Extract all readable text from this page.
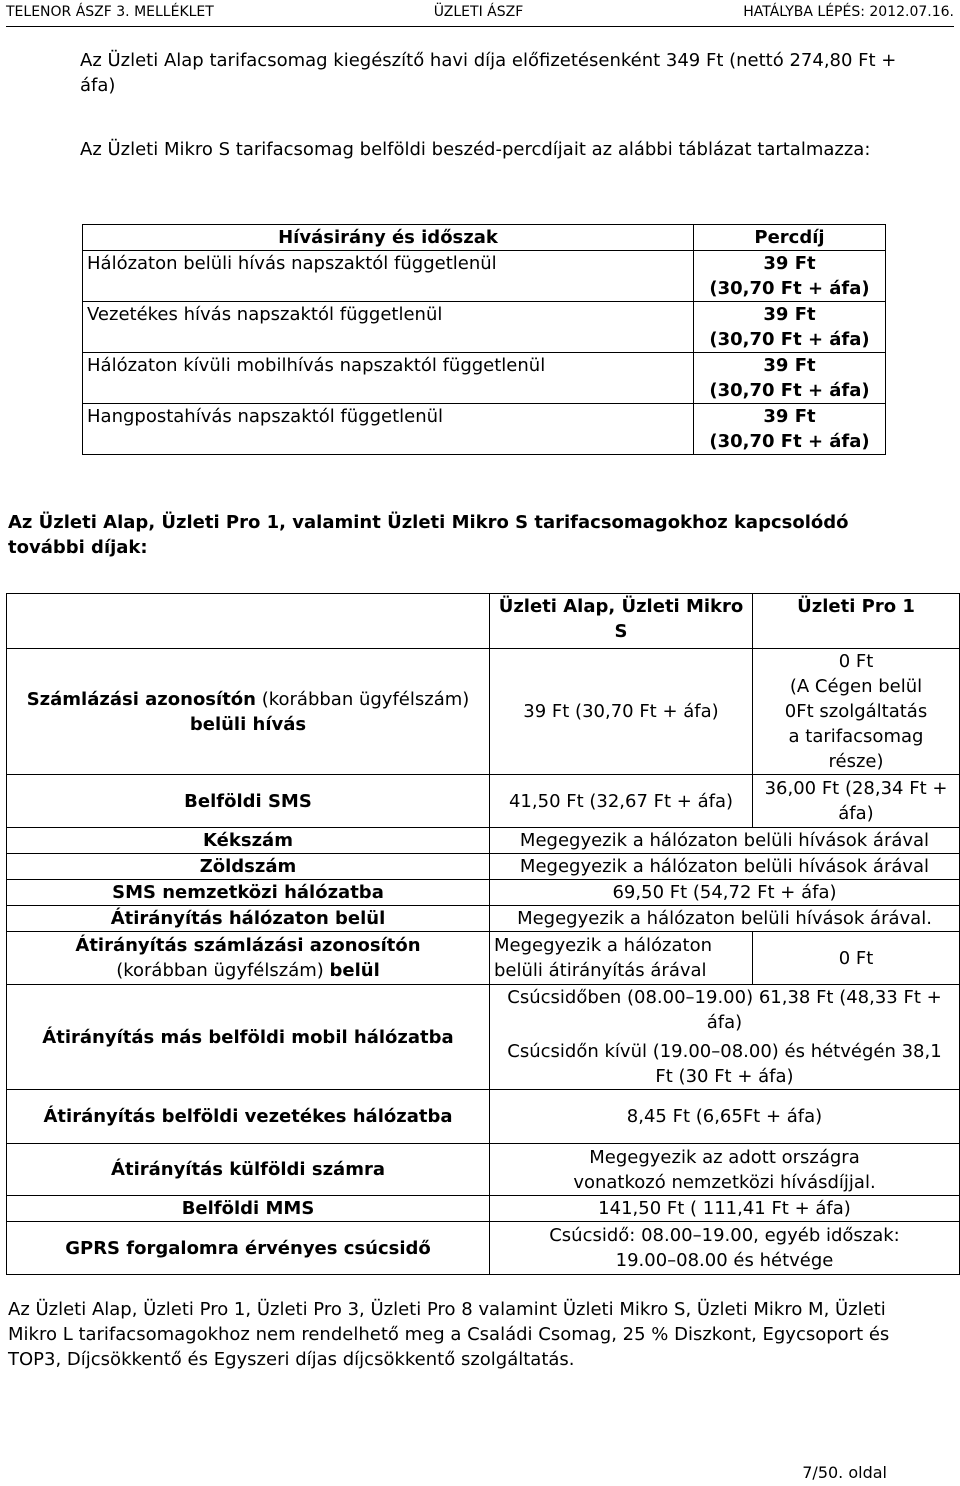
TELENOR ÁSZF 3. MELLÉKLET	ÜZLETI ÁSZF	HATÁLYBA LÉPÉS: 2012.07.16.

Az Üzleti Alap tarifacsomag kiegészítő havi díja előfizetésenként 349 Ft (nettó 274,80 Ft + áfa)

Az Üzleti Mikro S tarifacsomag belföldi beszéd-percdíjait az alábbi táblázat tartalmazza:

Hívásirány és időszak	Percdíj
Hálózaton belüli hívás napszaktól függetlenül	39 Ft
(30,70 Ft + áfa)

Vezetékes hívás napszaktól függetlenül	39 Ft
(30,70 Ft + áfa)

Hálózaton kívüli mobilhívás napszaktól függetlenül	39 Ft
(30,70 Ft + áfa)

Hangpostahívás napszaktól függetlenül	39 Ft
(30,70 Ft + áfa)

Az Üzleti Alap, Üzleti Pro 1, valamint Üzleti Mikro S tarifacsomagokhoz kapcsolódó további díjak:

	Üzleti Alap, Üzleti Mikro S	Üzleti Pro 1
Számlázási azonosítón (korábban ügyfélszám) belüli hívás	39 Ft (30,70 Ft + áfa)	0 Ft
(A Cégen belül 0Ft szolgáltatás a tarifacsomag része)

Belföldi SMS	41,50 Ft (32,67 Ft + áfa)	36,00 Ft (28,34 Ft + áfa)
Kékszám	Megegyezik a hálózaton belüli hívások árával	
Zöldszám	Megegyezik a hálózaton belüli hívások árával	
SMS nemzetközi hálózatba	69,50 Ft (54,72 Ft + áfa)	
Átirányítás hálózaton belül	Megegyezik a hálózaton belüli hívások árával.	

Átirányítás számlázási azonosítón
(korábban ügyfélszám) belül	Megegyezik a hálózaton belüli átirányítás árával	0 Ft
Átirányítás más belföldi mobil hálózatba	Csúcsidőben (08.00–19.00) 61,38 Ft (48,33 Ft + áfa)
Csúcsidőn kívül (19.00–08.00) és hétvégén 38,1 Ft (30 Ft + áfa)	

Átirányítás belföldi vezetékes hálózatba	8,45 Ft (6,65Ft + áfa)	
Átirányítás külföldi számra	Megegyezik az adott országra vonatkozó nemzetközi hívásdíjjal.	
Belföldi MMS	141,50 Ft ( 111,41 Ft + áfa)	
GPRS forgalomra érvényes csúcsidő	Csúcsidő: 08.00–19.00, egyéb időszak: 19.00–08.00 és hétvége	

Az Üzleti Alap, Üzleti Pro 1, Üzleti Pro 3, Üzleti Pro 8 valamint Üzleti Mikro S, Üzleti Mikro M, Üzleti Mikro L tarifacsomagokhoz nem rendelhető meg a Családi Csomag, 25 % Diszkont, Egycsoport és TOP3, Díjcsökkentő és Egyszeri díjas díjcsökkentő szolgáltatás.

7/50. oldal
